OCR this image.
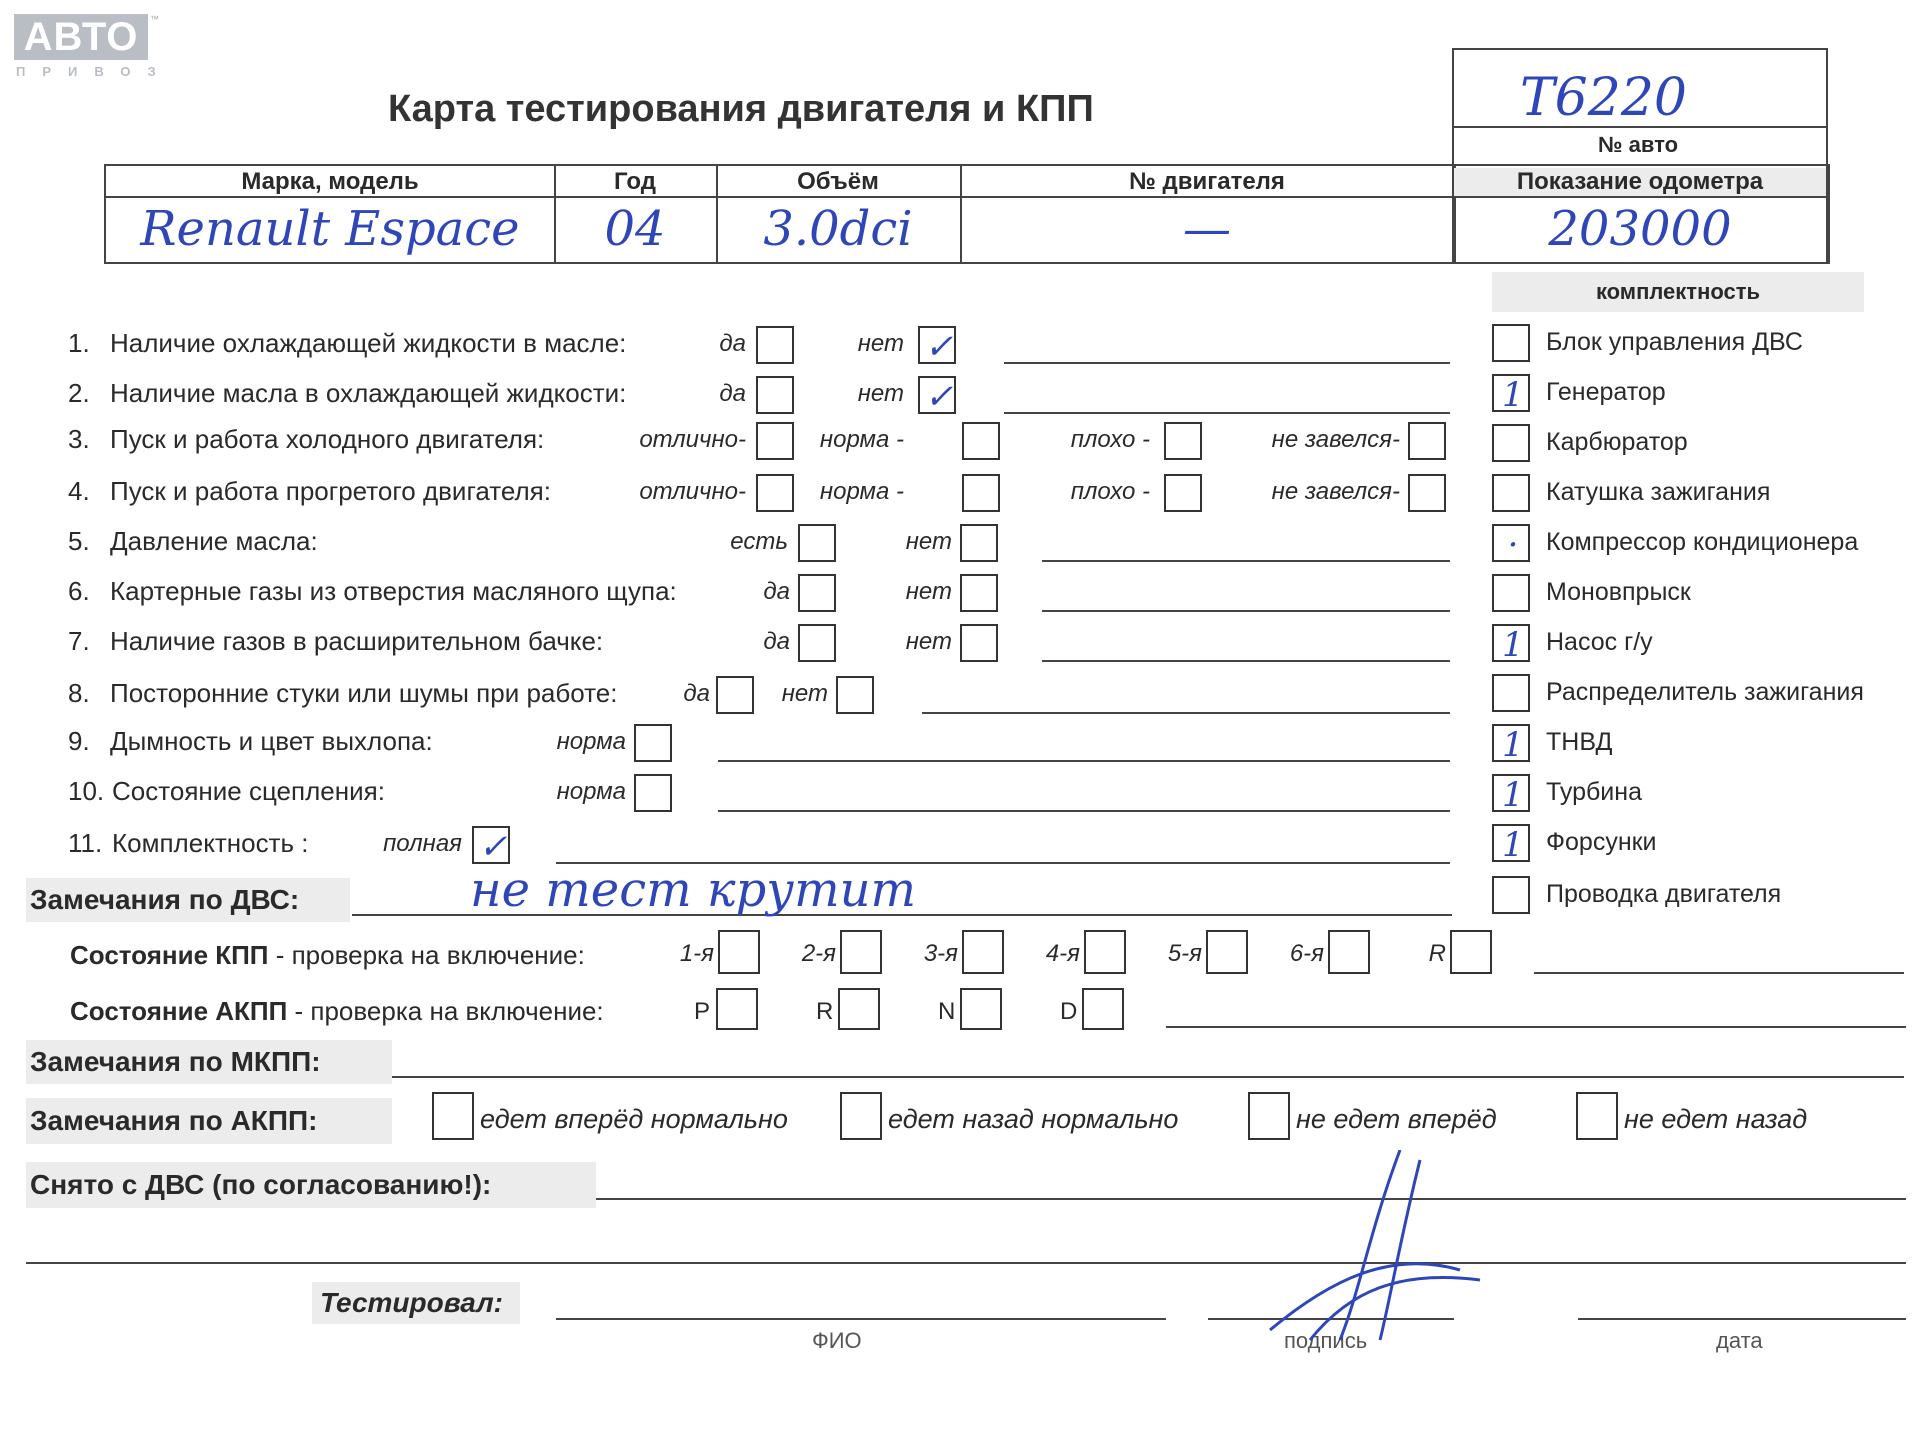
АВТО	™
ПРИВОЗ
Карта тестирования двигателя и КПП	T6220
№ авто
Марка, модель	Год	Объём	№ двигателя	Показание одометра
Renault Espace	04	3.0dci	—	203000
комплектность
1. Наличие охлаждающей жидкости в масле:	да	нет ✓
2. Наличие масла в охлаждающей жидкости:	да	нет ✓
3. Пуск и работа холодного двигателя:	отлично-	норма -	плохо -	не завелся-
4. Пуск и работа прогретого двигателя:	отлично-	норма -	плохо -	не завелся-
5. Давление масла:	есть	нет
6. Картерные газы из отверстия масляного щупа:	да	нет
7. Наличие газов в расширительном бачке:	да	нет
8. Посторонние стуки или шумы при работе:	да	нет
9. Дымность и цвет выхлопа:	норма
10. Состояние сцепления:	норма
11. Комплектность :	полная ✓
Блок управления ДВС
1 Генератор
Карбюратор
Катушка зажигания
·	Компрессор кондиционера
Моновпрыск
1 Насос г/у
Распределитель зажигания
1 ТНВД
1 Турбина
1 Форсунки
Проводка двигателя
Замечания по ДВС:	не тест крутит
Состояние КПП - проверка на включение:	1-я	2-я	3-я	4-я	5-я	6-я	R
Состояние АКПП - проверка на включение:	P	R	N	D
Замечания по МКПП:
Замечания по АКПП:	едет вперёд нормально	едет назад нормально	не едет вперёд	не едет назад
Снято с ДВС (по согласованию!):
Тестировал:
ФИО	подпись	дата
